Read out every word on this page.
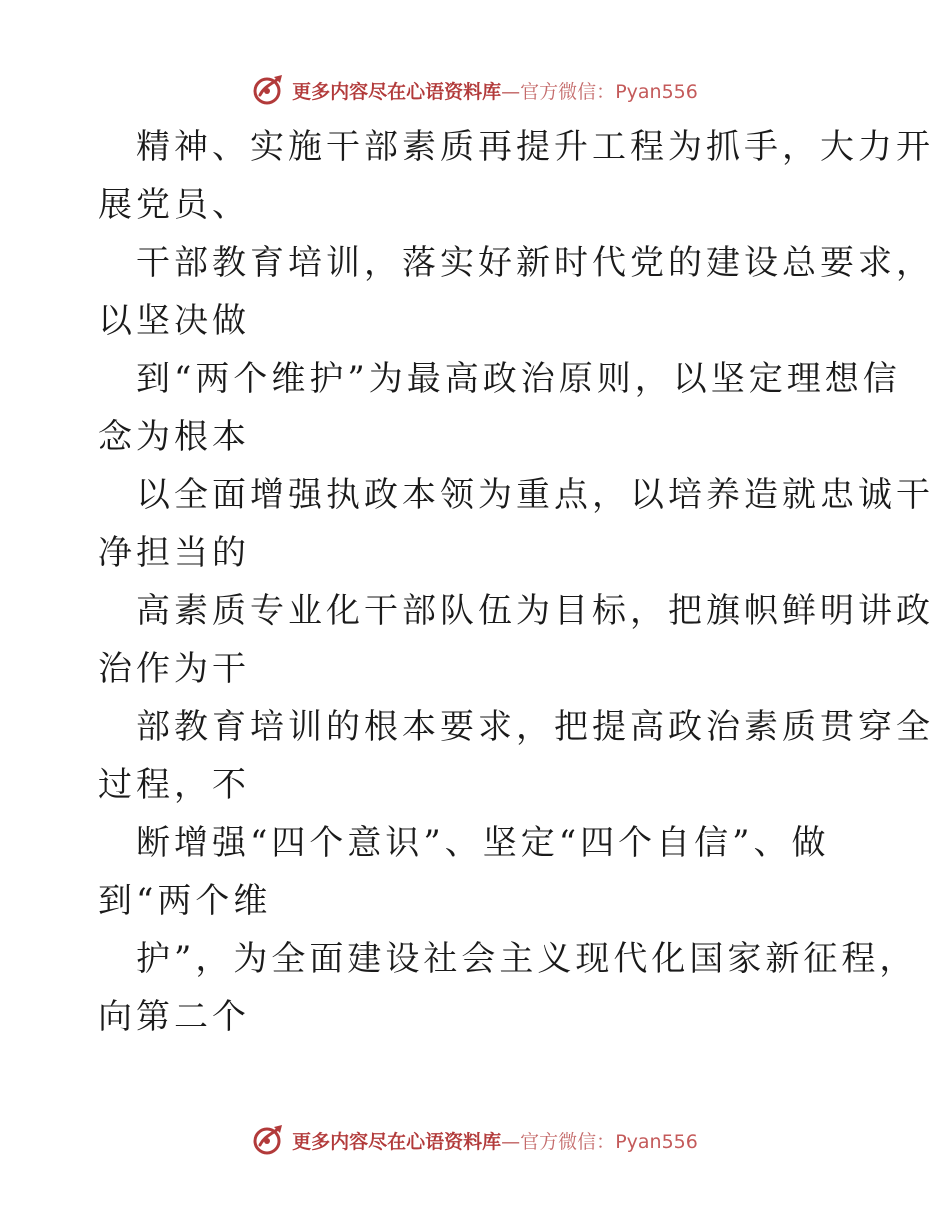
更多内容尽在心语资料库—官方微信：Pyan556

精神、实施干部素质再提升工程为抓手，大力开
展党员、

干部教育培训，落实好新时代党的建设总要求，
以坚决做

到“两个维护”为最高政治原则，以坚定理想信
念为根本

以全面增强执政本领为重点，以培养造就忠诚干
净担当的

高素质专业化干部队伍为目标，把旗帜鲜明讲政
治作为干

部教育培训的根本要求，把提高政治素质贯穿全
过程，不

断增强“四个意识”、坚定“四个自信”、做
到“两个维

护”，为全面建设社会主义现代化国家新征程，
向第二个

更多内容尽在心语资料库—官方微信：Pyan556
